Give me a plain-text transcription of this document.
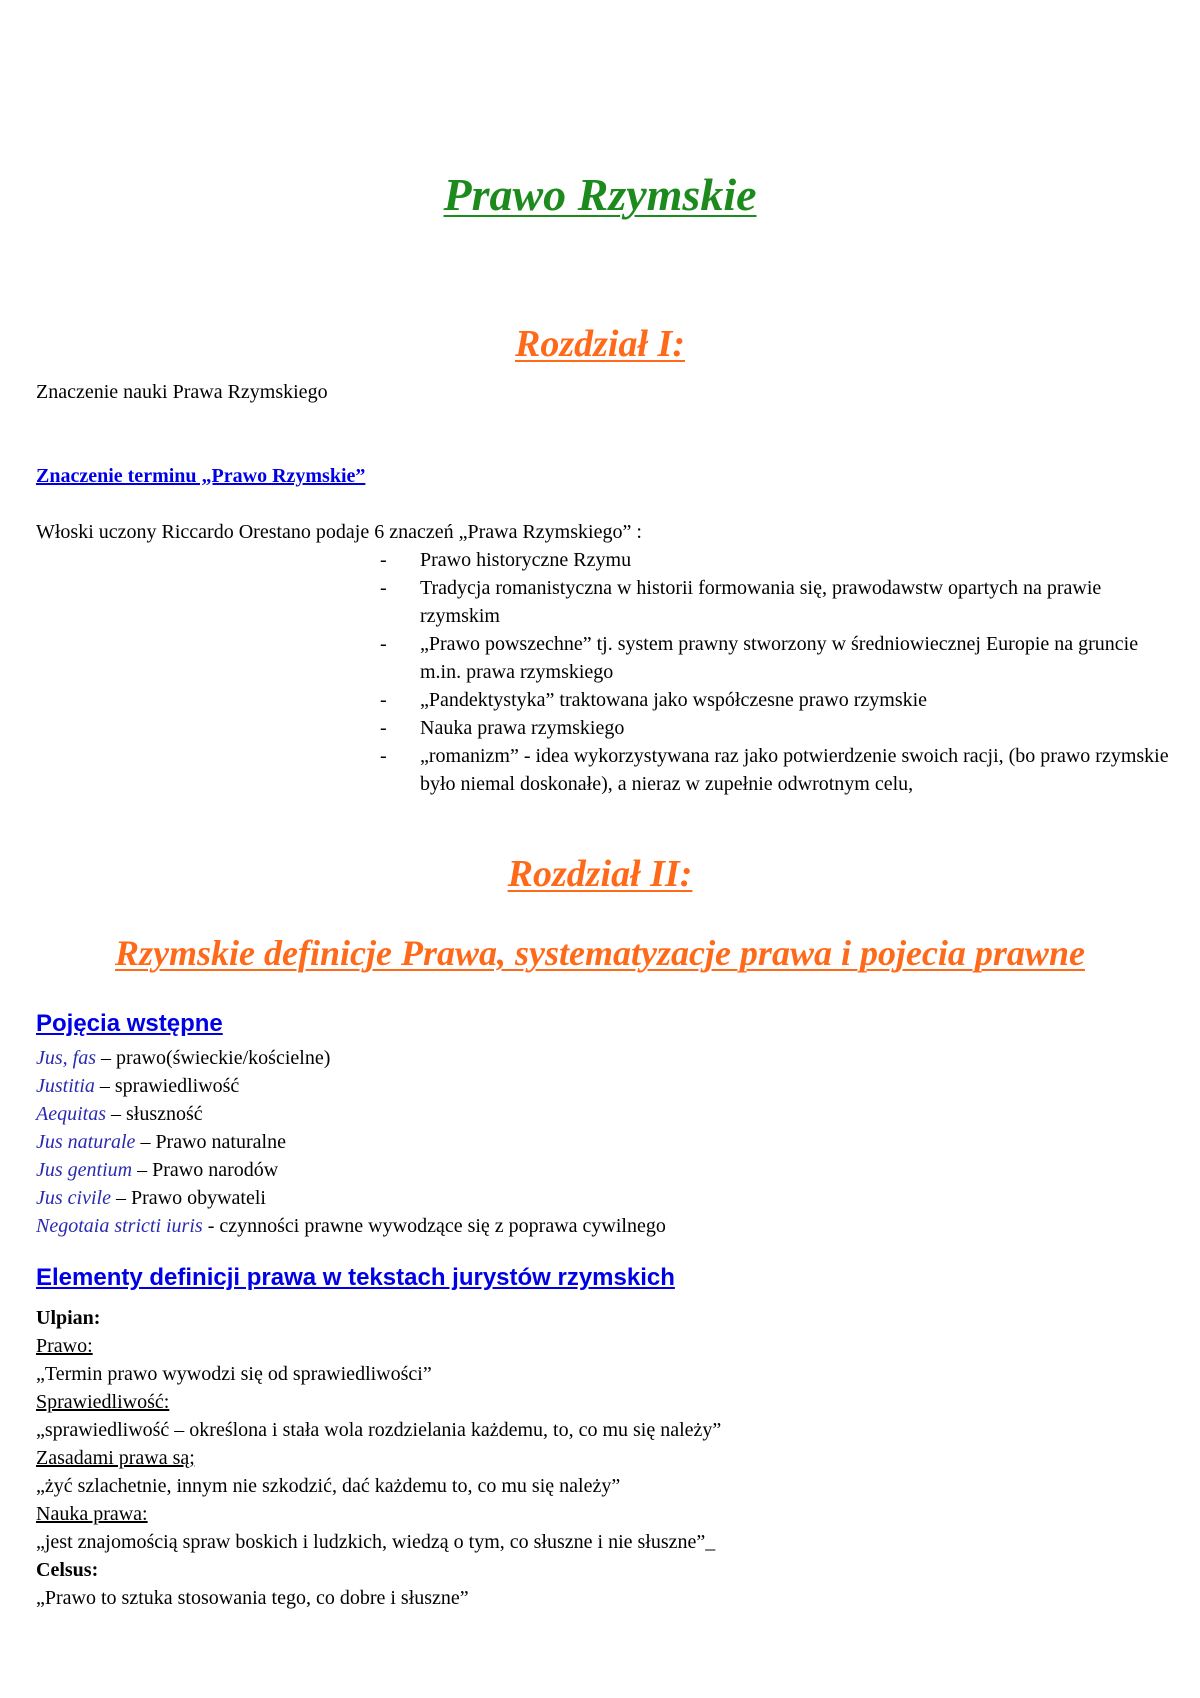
Prawo Rzymskie
Rozdział I:
Znaczenie nauki Prawa Rzymskiego
Znaczenie terminu „Prawo Rzymskie”
Włoski uczony Riccardo Orestano podaje 6 znaczeń „Prawa Rzymskiego” :
- Prawo historyczne Rzymu
- Tradycja romanistyczna w historii formowania się, prawodawstw opartych na prawie rzymskim
- „Prawo powszechne” tj. system prawny stworzony w średniowiecznej Europie na gruncie m.in. prawa rzymskiego
- „Pandektystyka” traktowana jako współczesne prawo rzymskie
- Nauka prawa rzymskiego
- „romanizm” - idea wykorzystywana raz jako potwierdzenie swoich racji, (bo prawo rzymskie było niemal doskonałe), a nieraz w zupełnie odwrotnym celu,
Rozdział II:
Rzymskie definicje Prawa, systematyzacje prawa i pojecia prawne
Pojęcia wstępne
Jus, fas – prawo(świeckie/kościelne)
Justitia – sprawiedliwość
Aequitas – słuszność
Jus naturale – Prawo naturalne
Jus gentium – Prawo narodów
Jus civile – Prawo obywateli
Negotaia stricti iuris - czynności prawne wywodzące się z poprawa cywilnego
Elementy definicji prawa w tekstach jurystów rzymskich
Ulpian:
Prawo:
„Termin prawo wywodzi się od sprawiedliwości”
Sprawiedliwość:
„sprawiedliwość – określona i stała wola rozdzielania każdemu, to, co mu się należy”
Zasadami prawa są;
„żyć szlachetnie, innym nie szkodzić, dać każdemu to, co mu się należy”
Nauka prawa:
„jest znajomością spraw boskich i ludzkich, wiedzą o tym, co słuszne i nie słuszne”_
Celsus:
„Prawo to sztuka stosowania tego, co dobre i słuszne”
